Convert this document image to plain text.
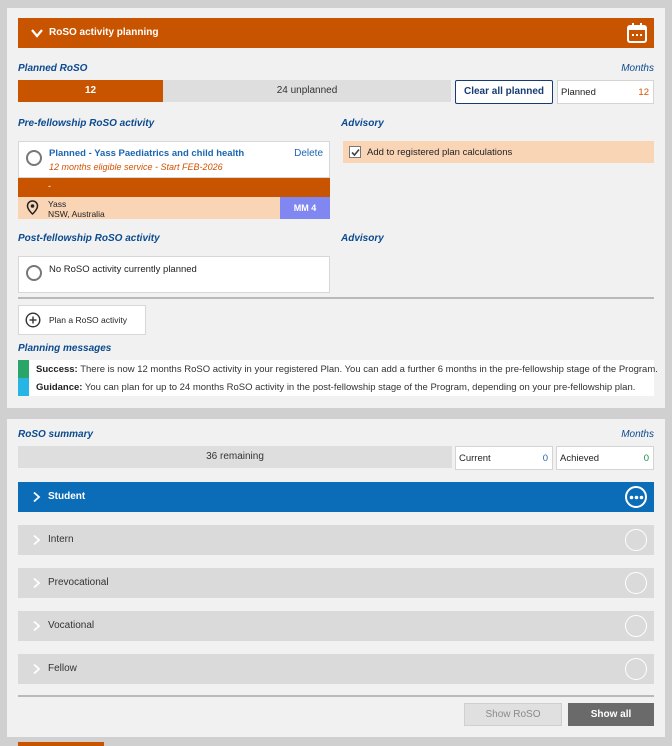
RoSO activity planning
Planned RoSO	Months
12	24 unplanned	Clear all planned	Planned	12
Pre-fellowship RoSO activity	Advisory
Planned - Yass Paediatrics and child health
12 months eligible service - Start FEB-2026
Delete
-
Yass
NSW, Australia
MM 4
Add to registered plan calculations
Post-fellowship RoSO activity	Advisory
No RoSO activity currently planned
Plan a RoSO activity
Planning messages
Success: There is now 12 months RoSO activity in your registered Plan. You can add a further 6 months in the pre-fellowship stage of the Program.
Guidance: You can plan for up to 24 months RoSO activity in the post-fellowship stage of the Program, depending on your pre-fellowship plan.
RoSO summary	Months
36 remaining	Current	0 Achieved	0
Student
Intern
Prevocational
Vocational
Fellow
Show RoSO	Show all
